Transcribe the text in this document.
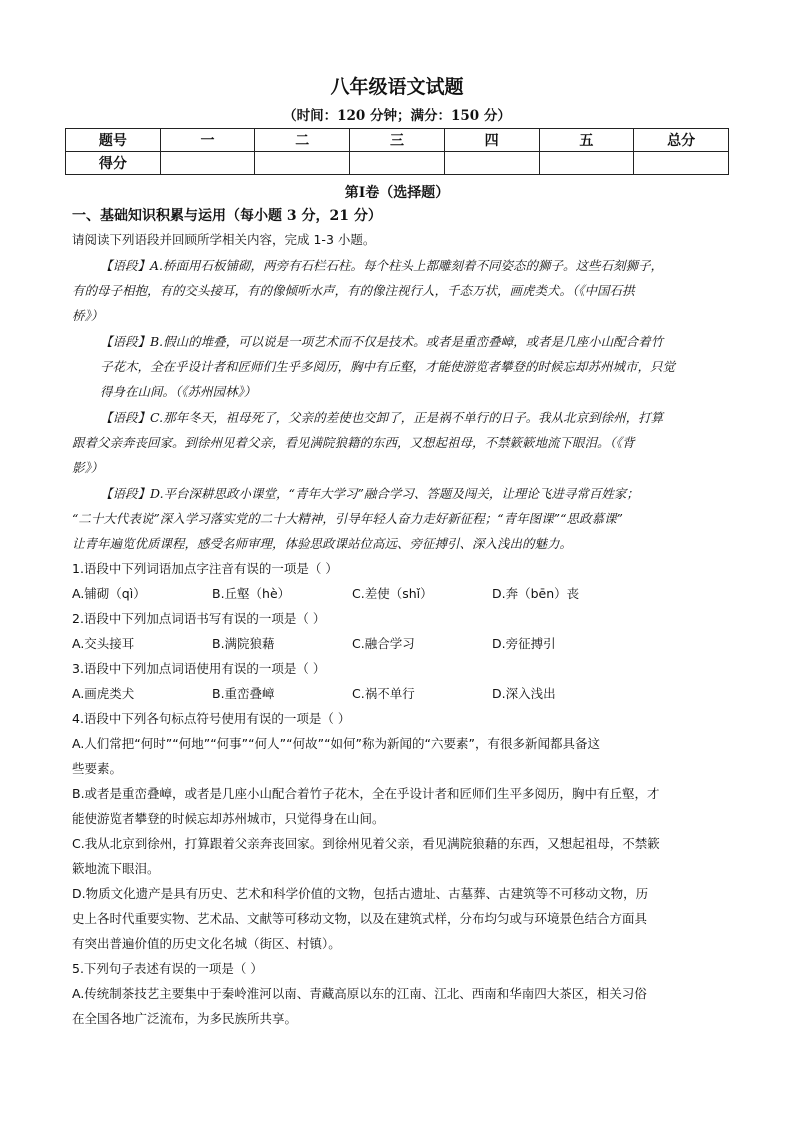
八年级语文试题
（时间：120 分钟；满分：150 分）
题号	一	二	三	四	五	总分
得分						
第Ⅰ卷（选择题）
一、基础知识积累与运用（每小题 3 分，21 分）
请阅读下列语段并回顾所学相关内容，完成 1-3 小题。
【语段】A.桥面用石板铺砌，两旁有石栏石柱。每个柱头上都雕刻着不同姿态的狮子。这些石刻狮子，
有的母子相抱，有的交头接耳，有的像倾听水声，有的像注视行人，千态万状，画虎类犬。（《中国石拱
桥》）
【语段】B.假山的堆叠，可以说是一项艺术而不仅是技术。或者是重峦叠嶂，或者是几座小山配合着竹
子花木，全在乎设计者和匠师们生乎多阅历，胸中有丘壑，才能使游览者攀登的时候忘却苏州城市，只觉
得身在山间。（《苏州园林》）
【语段】C.那年冬天，祖母死了，父亲的差使也交卸了，正是祸不单行的日子。我从北京到徐州，打算
跟着父亲奔丧回家。到徐州见着父亲，看见满院狼籍的东西，又想起祖母，不禁簌簌地流下眼泪。（《背
影》）
【语段】D.平台深耕思政小课堂，“青年大学习”融合学习、答题及闯关，让理论飞进寻常百姓家；
“二十大代表说”深入学习落实党的二十大精神，引导年轻人奋力走好新征程；“青年图课”“思政慕课”
让青年遍览优质课程，感受名师审理，体验思政课站位高远、旁征搏引、深入浅出的魅力。
1.语段中下列词语加点字注音有误的一项是（ ）
A.铺砌（qì）	B.丘壑（hè）	C.差使（shǐ）	D.奔（bēn）丧
2.语段中下列加点词语书写有误的一项是（ ）
A.交头接耳	B.满院狼藉	C.融合学习	D.旁征搏引
3.语段中下列加点词语使用有误的一项是（ ）
A.画虎类犬	B.重峦叠嶂	C.祸不单行	D.深入浅出
4.语段中下列各句标点符号使用有误的一项是（ ）
A.人们常把“何时”“何地”“何事”“何人”“何故”“如何”称为新闻的“六要素”，有很多新闻都具备这
些要素。
B.或者是重峦叠嶂，或者是几座小山配合着竹子花木，全在乎设计者和匠师们生平多阅历，胸中有丘壑，才
能使游览者攀登的时候忘却苏州城市，只觉得身在山间。
C.我从北京到徐州，打算跟着父亲奔丧回家。到徐州见着父亲，看见满院狼藉的东西，又想起祖母，不禁簌
簌地流下眼泪。
D.物质文化遗产是具有历史、艺术和科学价值的文物，包括古遗址、古墓葬、古建筑等不可移动文物，历
史上各时代重要实物、艺术品、文献等可移动文物，以及在建筑式样，分布均匀或与环境景色结合方面具
有突出普遍价值的历史文化名城（街区、村镇）。
5.下列句子表述有误的一项是（ ）
A.传统制茶技艺主要集中于秦岭淮河以南、青藏高原以东的江南、江北、西南和华南四大茶区，相关习俗
在全国各地广泛流布，为多民族所共享。
